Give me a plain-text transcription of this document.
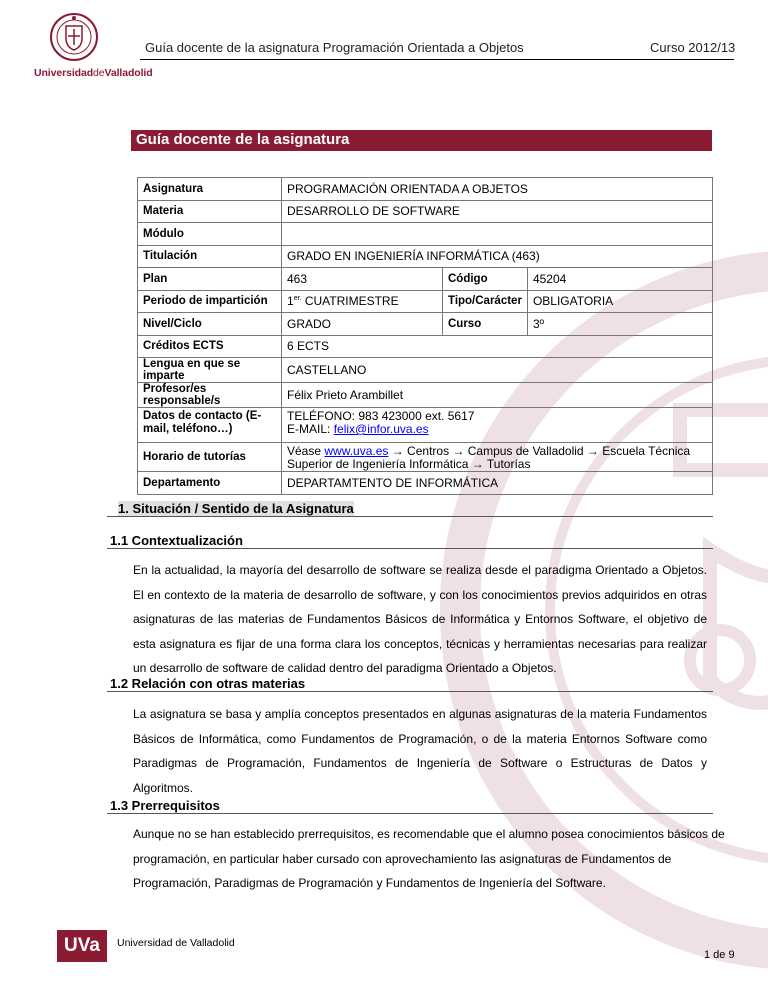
UniversidaddeValladolid
Guía docente de la asignatura Programación Orientada a Objetos	Curso 2012/13
Guía docente de la asignatura
Asignatura	PROGRAMACIÓN ORIENTADA A OBJETOS		
Materia	DESARROLLO DE SOFTWARE		
Módulo			
Titulación	GRADO EN INGENIERÍA INFORMÁTICA (463)		
Plan	463	Código	45204
Periodo de impartición	$1^{er.}$ CUATRIMESTRE	Tipo/Carácter	OBLIGATORIA
Nivel/Ciclo	GRADO	Curso	3º
Créditos ECTS	6 ECTS		
Lengua en que se imparte	CASTELLANO		
Profesor/es responsable/s	Félix Prieto Arambillet		
Datos de contacto (E-mail, teléfono…)	TELÉFONO: 983 423000 ext. 5617
E-MAIL: felix@infor.uva.es		
Horario de tutorías	Véase www.uva.es → Centros → Campus de Valladolid → Escuela Técnica Superior de Ingeniería Informática → Tutorías		
Departamento	DEPARTAMTENTO DE INFORMÁTICA		
1. Situación / Sentido de la Asignatura
1.1 Contextualización
En la actualidad, la mayoría del desarrollo de software se realiza desde el paradigma Orientado a Objetos. El en contexto de la materia de desarrollo de software, y con los conocimientos previos adquiridos en otras asignaturas de las materias de Fundamentos Básicos de Informática y Entornos Software, el objetivo de esta asignatura es fijar de una forma clara los conceptos, técnicas y herramientas necesarias para realizar un desarrollo de software de calidad dentro del paradigma Orientado a Objetos.
1.2 Relación con otras materias
La asignatura se basa y amplía conceptos presentados en algunas asignaturas de la materia Fundamentos Básicos de Informática, como Fundamentos de Programación, o de la materia Entornos Software como Paradigmas de Programación, Fundamentos de Ingeniería de Software o Estructuras de Datos y Algoritmos.
1.3 Prerrequisitos
Aunque no se han establecido prerrequisitos, es recomendable que el alumno posea conocimientos básicos de
programación, en particular haber cursado con aprovechamiento las asignaturas de Fundamentos de
Programación, Paradigmas de Programación y Fundamentos de Ingeniería del Software.
UVa	Universidad de Valladolid
1 de 9
